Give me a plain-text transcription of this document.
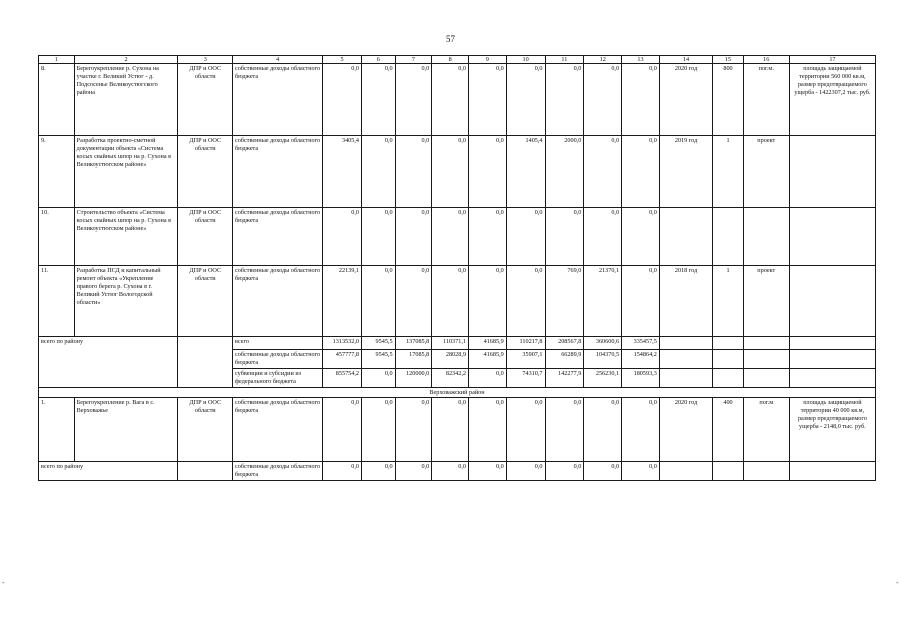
57
-	-
1	2	3	4	5	6	7	8	9	10	11	12	13	14	15	16	17
8.	Берегоукрепление р. Сухона на участке г. Великий Устюг - д. Подсосенье Великоустюгского района	ДПР и ООС области	собственные доходы областного бюджета	0,0	0,0	0,0	0,0	0,0	0,0	0,0	0,0	0,0	2020 год	800	пог.м.	площадь защищаемой территории 560 000 кв.м, размер предотвращаемого ущерба - 1422307,2 тыс. руб.
9.	Разработка проектно-сметной документации объекта «Система косых свайных шпор на р. Сухона в Великоустюгском районе»	ДПР и ООС области	собственные доходы областного бюджета	3405,4	0,0	0,0	0,0	0,0	1405,4	2000,0	0,0	0,0	2019 год	1	проект	
10.	Строительство объекта «Система косых свайных шпор на р. Сухона в Великоустюгском районе»	ДПР и ООС области	собственные доходы областного бюджета	0,0	0,0	0,0	0,0	0,0	0,0	0,0	0,0	0,0				
11.	Разработка ПСД и капитальный ремонт объекта «Укрепление правого берега р. Сухона в г. Великий Устюг Вологодской области»	ДПР и ООС области	собственные доходы областного бюджета	22139,1	0,0	0,0	0,0	0,0	0,0	769,0	21370,1	0,0	2018 год	1	проект	
всего по району			всего	1313532,0	9545,5	137085,8	110371,1	41685,9	110217,8	208567,8	360600,6	335457,5				
			собственные доходы областного бюджета	457777,8	9545,5	17085,8	28028,9	41685,9	35907,1	66289,9	104370,5	154864,2				
			субвенции и субсидии из федерального бюджета	855754,2	0,0	120000,0	82342,2	0,0	74310,7	142277,9	256230,1	180593,3				
Верховажский район																
1.	Берегоукрепление р. Вага в с. Верховажье	ДПР и ООС области	собственные доходы областного бюджета	0,0	0,0	0,0	0,0	0,0	0,0	0,0	0,0	0,0	2020 год	400	пог.м	площадь защищаемой территории 40 000 кв.м, размер предотвращаемого ущерба - 2148,0 тыс. руб.
всего по району			собственные доходы областного бюджета	0,0	0,0	0,0	0,0	0,0	0,0	0,0	0,0	0,0				
